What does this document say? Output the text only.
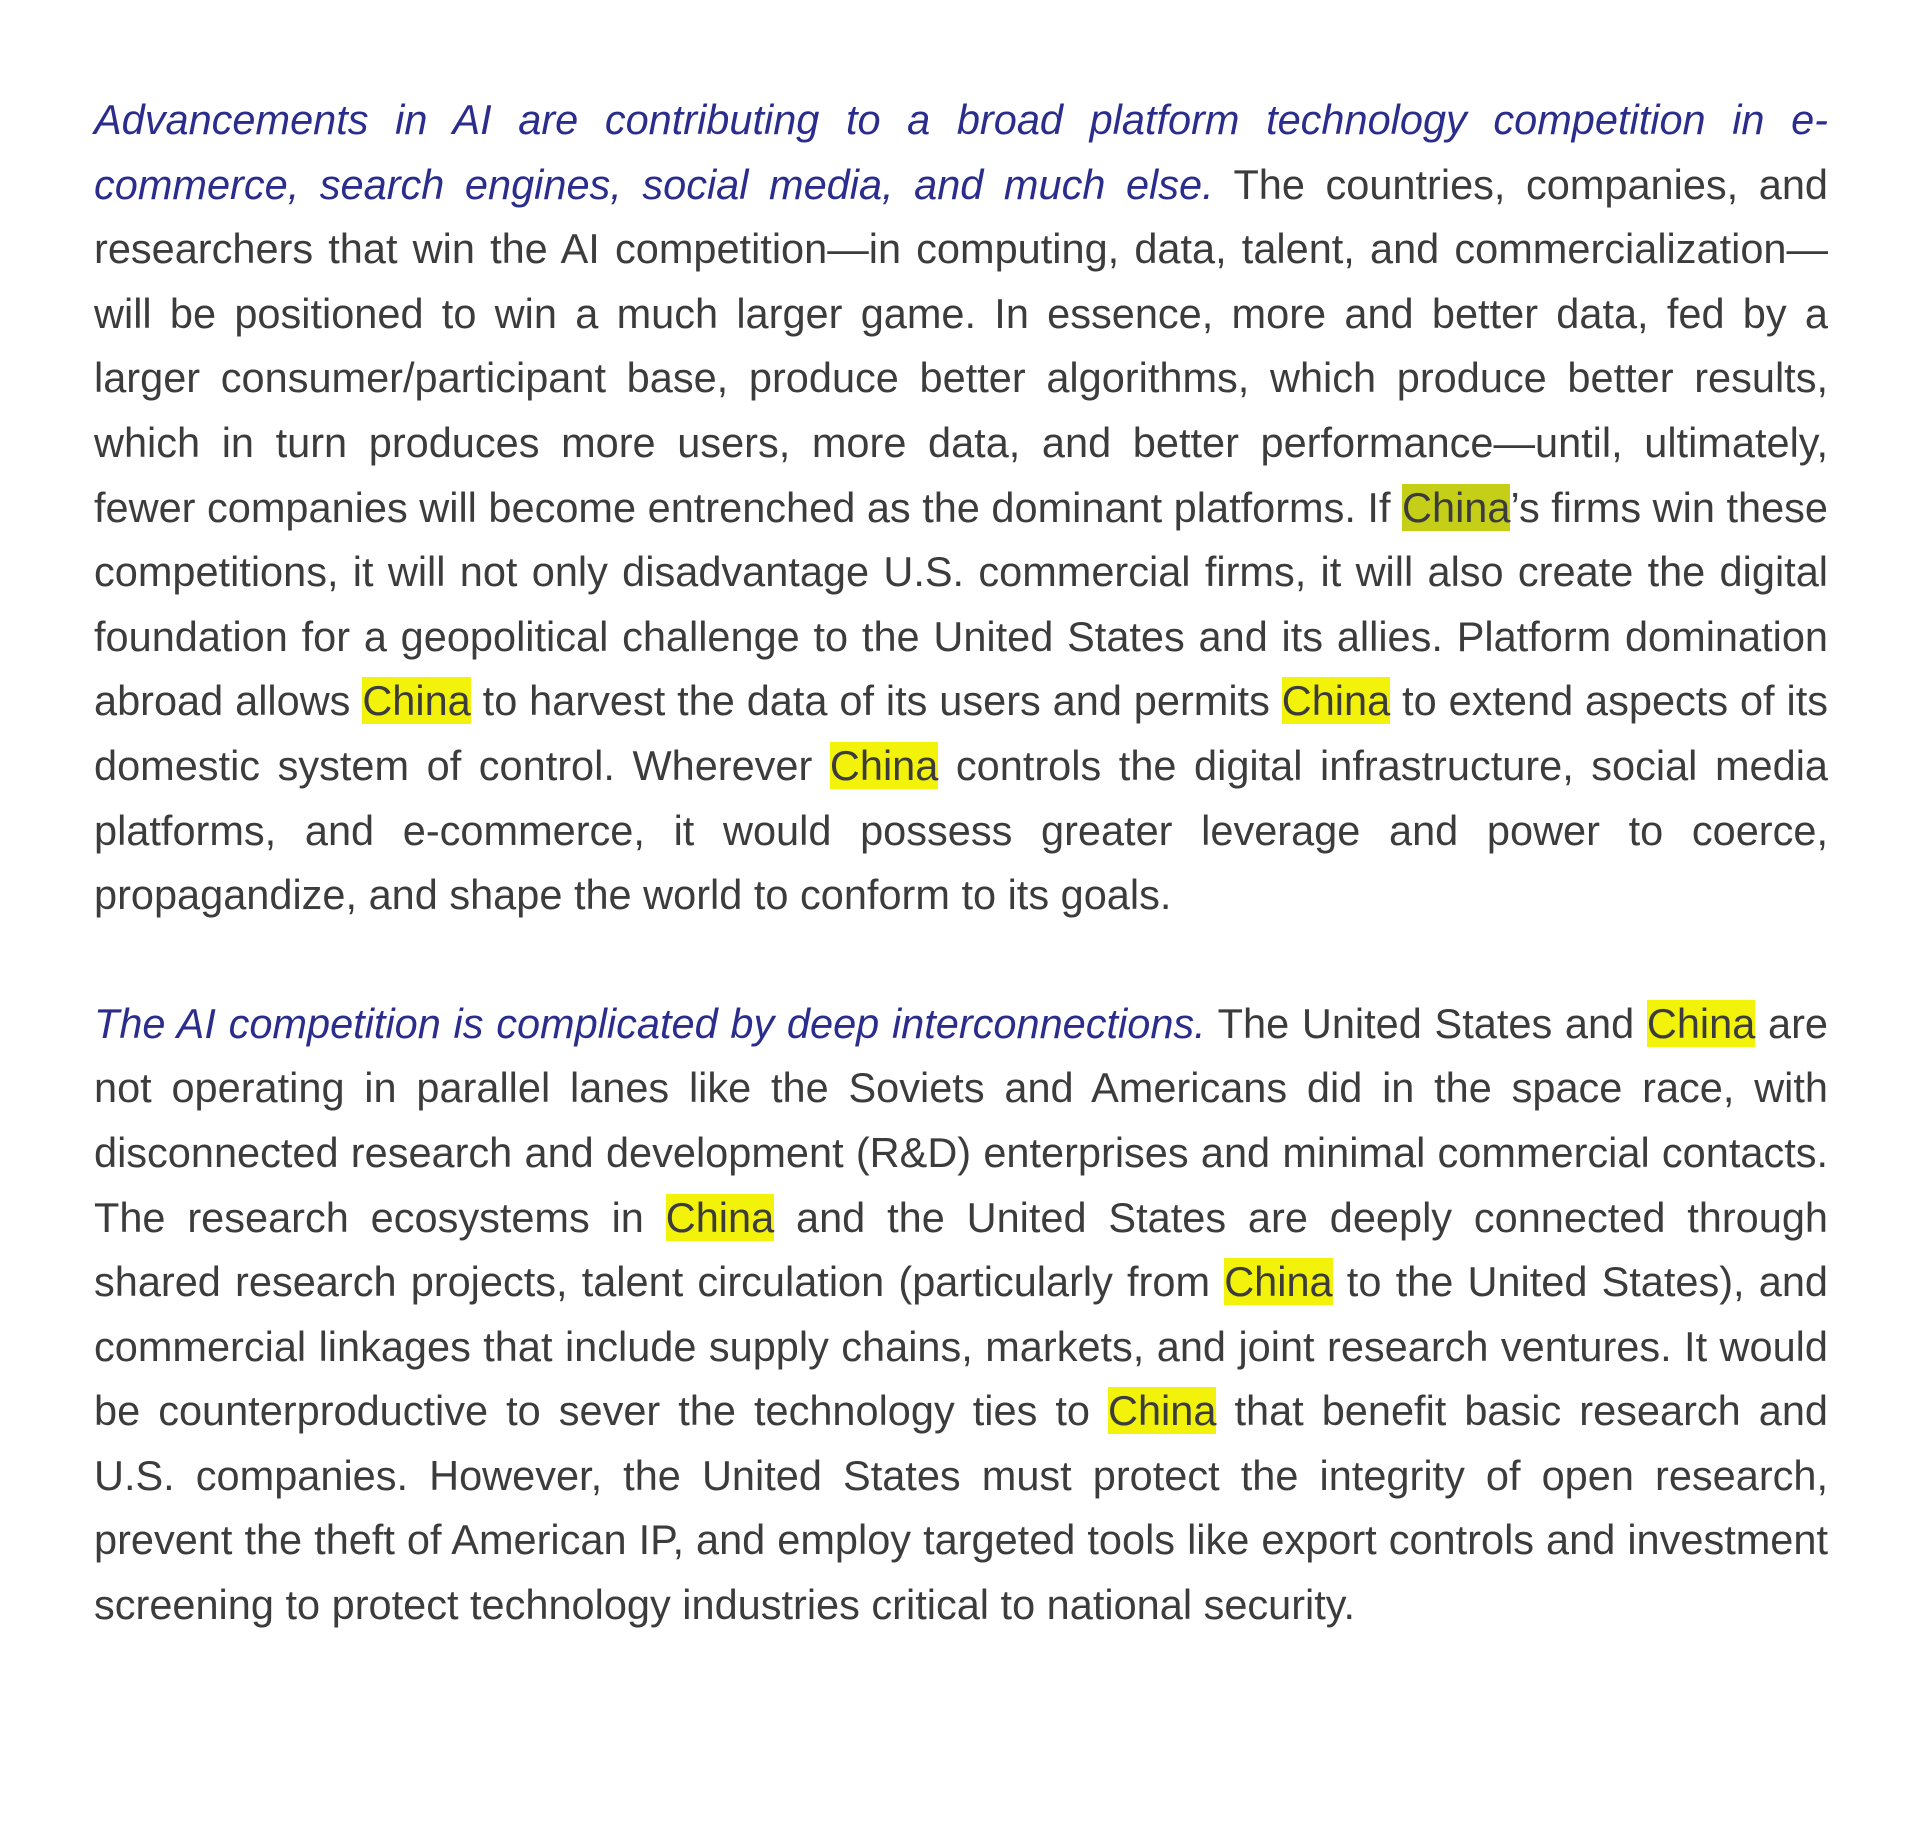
Advancements in AI are contributing to a broad platform technology competition in e-commerce, search engines, social media, and much else. The countries, companies, and researchers that win the AI competition—in computing, data, talent, and commercialization—will be positioned to win a much larger game. In essence, more and better data, fed by a larger consumer/participant base, produce better algorithms, which produce better results, which in turn produces more users, more data, and better performance—until, ultimately, fewer companies will become entrenched as the dominant platforms. If China’s firms win these competitions, it will not only disadvantage U.S. commercial firms, it will also create the digital foundation for a geopolitical challenge to the United States and its allies. Platform domination abroad allows China to harvest the data of its users and permits China to extend aspects of its domestic system of control. Wherever China controls the digital infrastructure, social media platforms, and e-commerce, it would possess greater leverage and power to coerce, propagandize, and shape the world to conform to its goals.

The AI competition is complicated by deep interconnections. The United States and China are not operating in parallel lanes like the Soviets and Americans did in the space race, with disconnected research and development (R&D) enterprises and minimal commercial contacts. The research ecosystems in China and the United States are deeply connected through shared research projects, talent circulation (particularly from China to the United States), and commercial linkages that include supply chains, markets, and joint research ventures. It would be counterproductive to sever the technology ties to China that benefit basic research and U.S. companies. However, the United States must protect the integrity of open research, prevent the theft of American IP, and employ targeted tools like export controls and investment screening to protect technology industries critical to national security.
